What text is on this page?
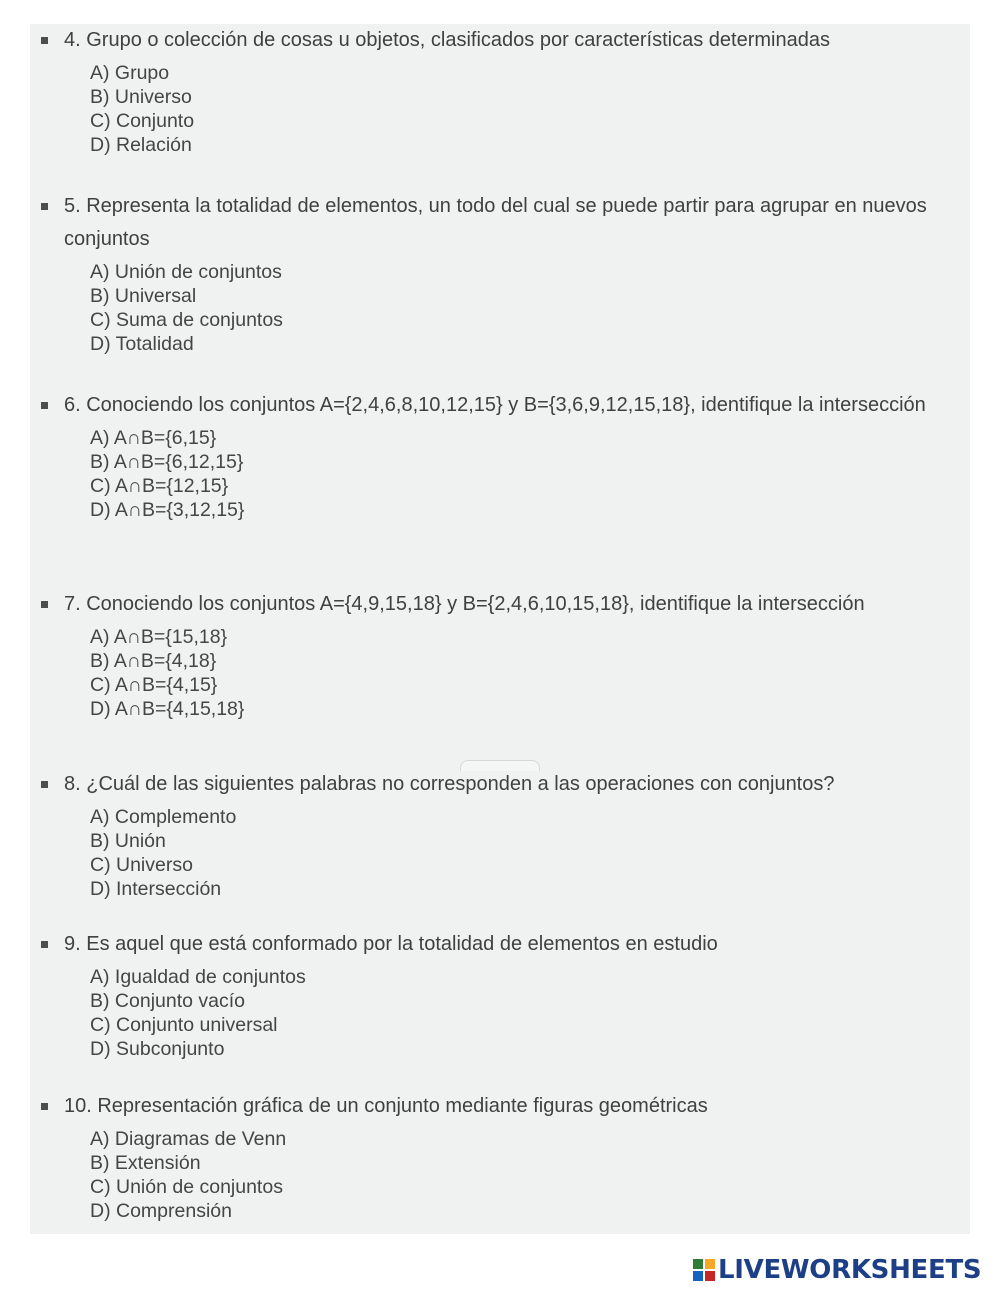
4. Grupo o colección de cosas u objetos, clasificados por características determinadas
A) Grupo
B) Universo
C) Conjunto
D) Relación
5. Representa la totalidad de elementos, un todo del cual se puede partir para agrupar en nuevos conjuntos
A) Unión de conjuntos
B) Universal
C) Suma de conjuntos
D) Totalidad
6. Conociendo los conjuntos A={2,4,6,8,10,12,15} y B={3,6,9,12,15,18}, identifique la intersección
A) A∩B={6,15}
B) A∩B={6,12,15}
C) A∩B={12,15}
D) A∩B={3,12,15}
7. Conociendo los conjuntos A={4,9,15,18} y B={2,4,6,10,15,18}, identifique la intersección
A) A∩B={15,18}
B) A∩B={4,18}
C) A∩B={4,15}
D) A∩B={4,15,18}
8. ¿Cuál de las siguientes palabras no corresponden a las operaciones con conjuntos?
A) Complemento
B) Unión
C) Universo
D) Intersección
9. Es aquel que está conformado por la totalidad de elementos en estudio
A) Igualdad de conjuntos
B) Conjunto vacío
C) Conjunto universal
D) Subconjunto
10. Representación gráfica de un conjunto mediante figuras geométricas
A) Diagramas de Venn
B) Extensión
C) Unión de conjuntos
D) Comprensión
LIVEWORKSHEETS
